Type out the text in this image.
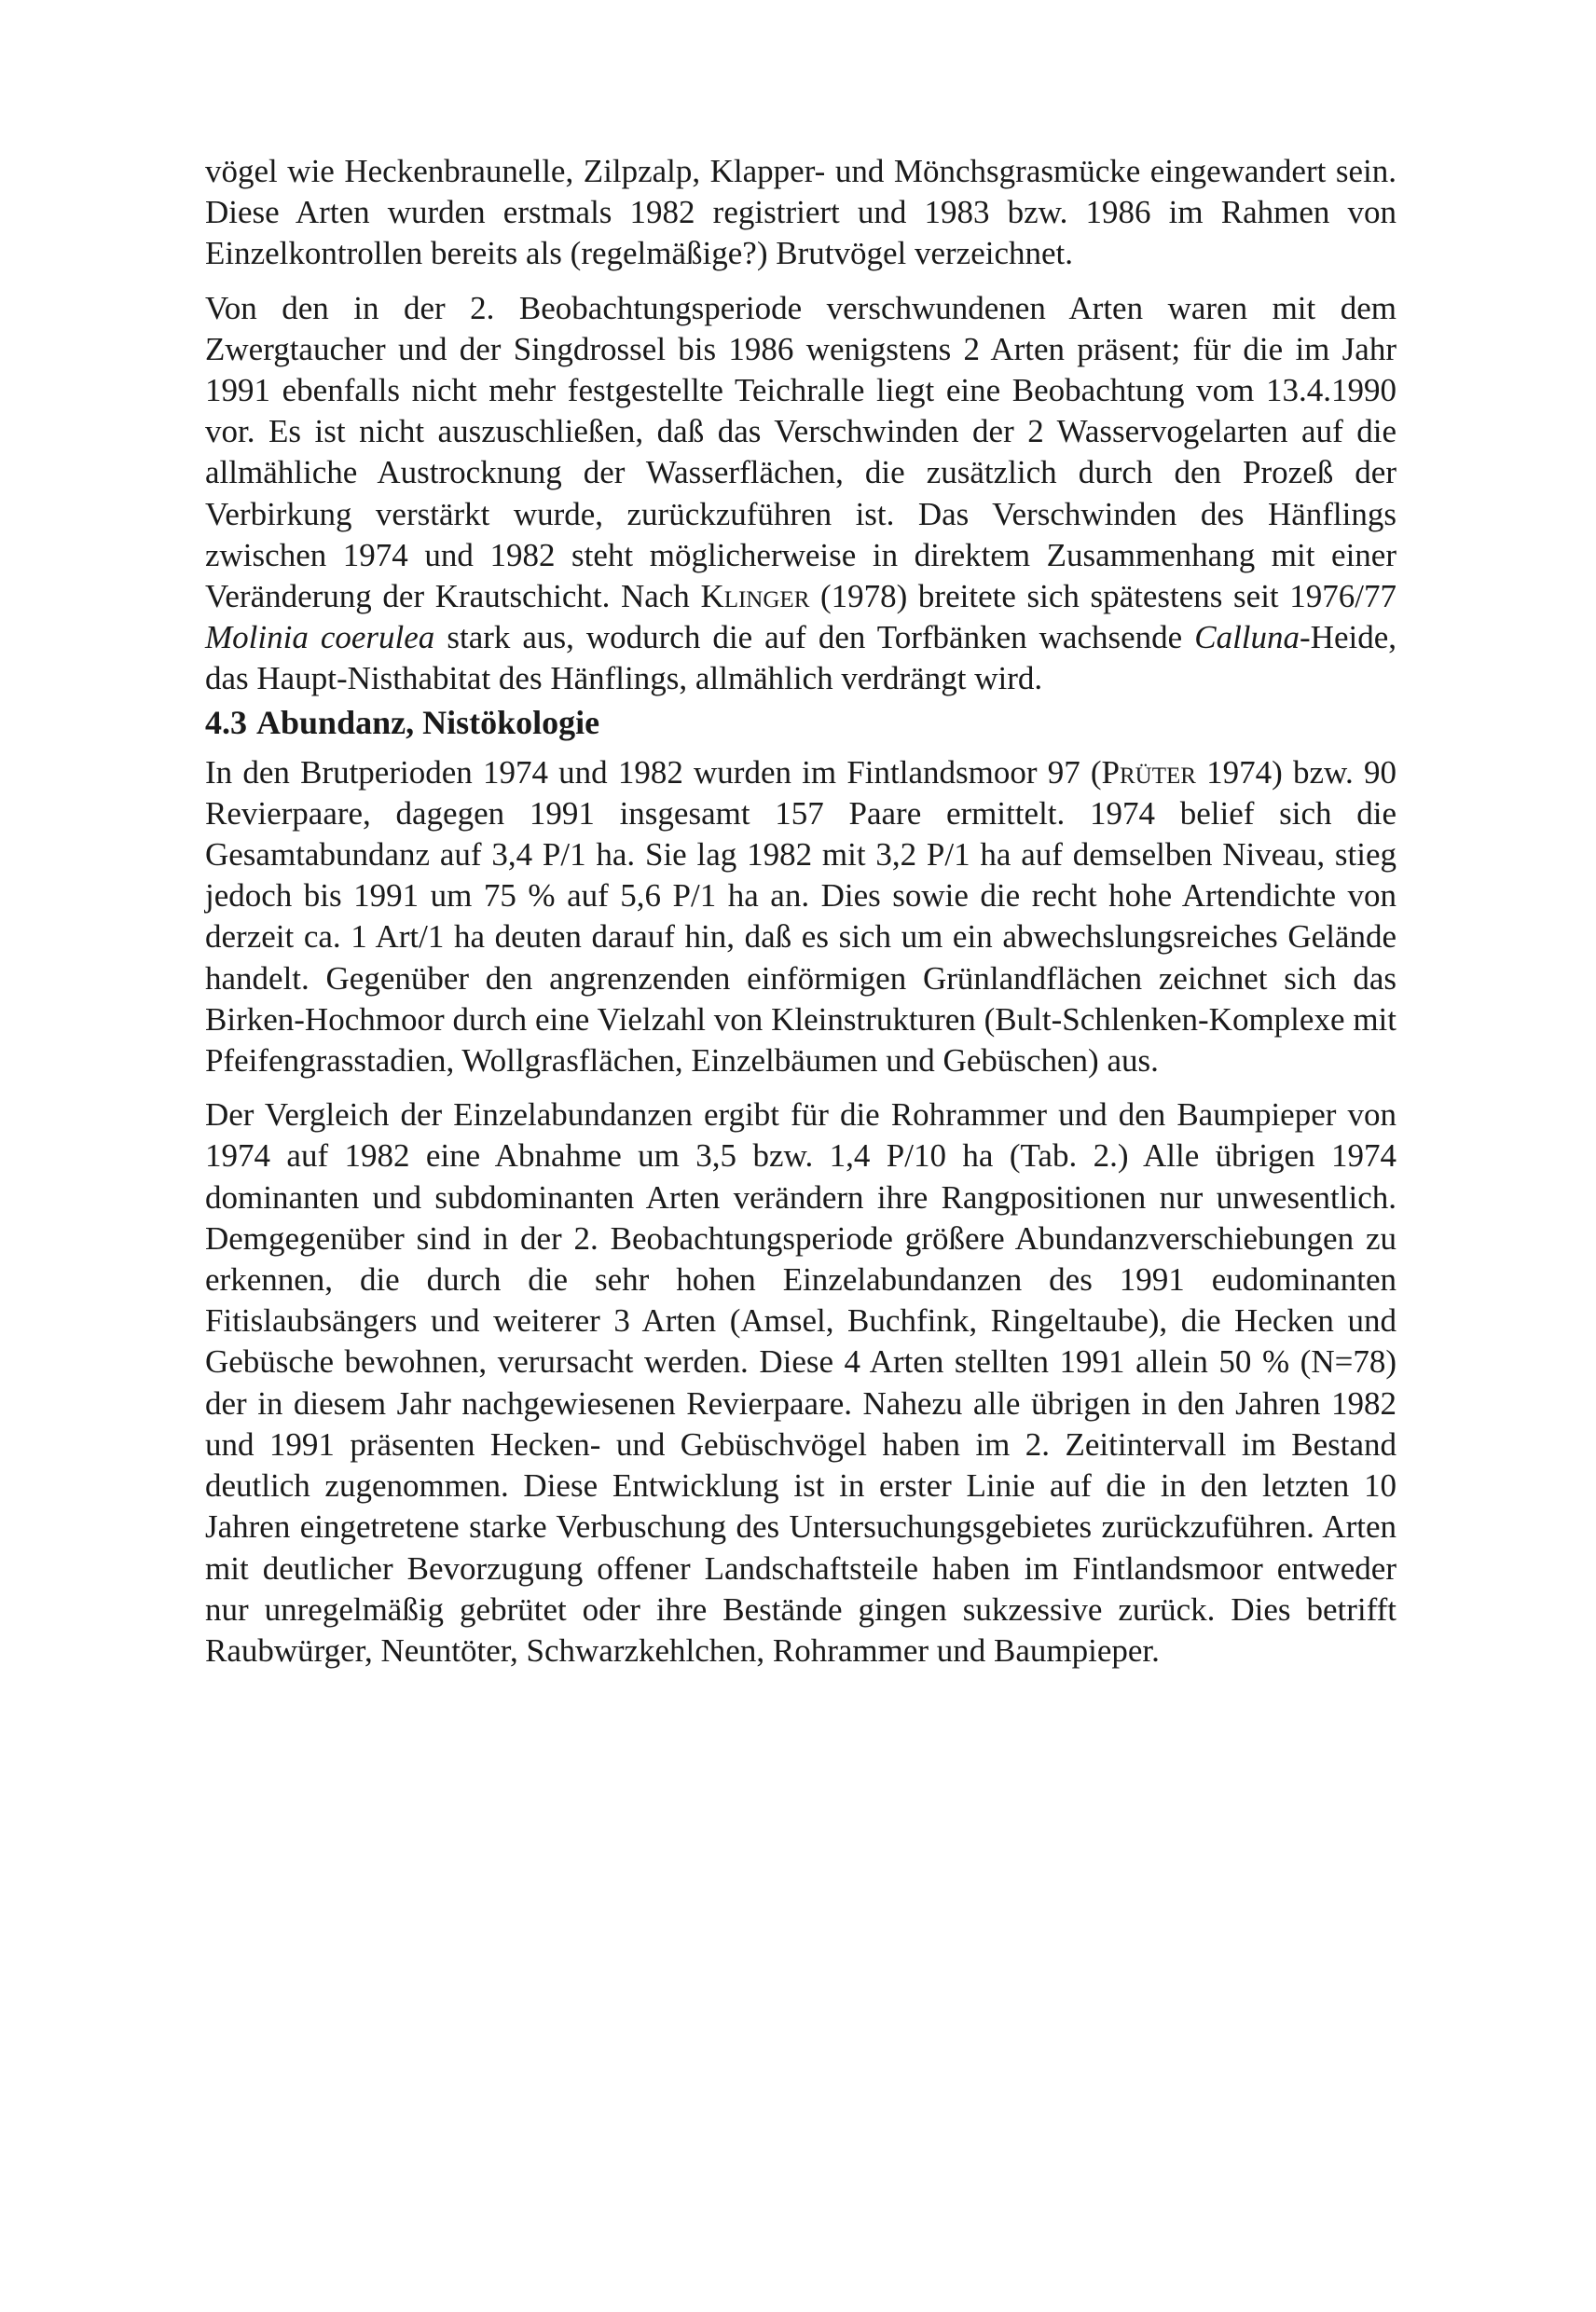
vögel wie Heckenbraunelle, Zilpzalp, Klapper- und Mönchsgrasmücke eingewandert sein. Diese Arten wurden erstmals 1982 registriert und 1983 bzw. 1986 im Rahmen von Einzelkontrollen bereits als (regelmäßige?) Brutvögel verzeichnet.

Von den in der 2. Beobachtungsperiode verschwundenen Arten waren mit dem Zwergtaucher und der Singdrossel bis 1986 wenigstens 2 Arten präsent; für die im Jahr 1991 ebenfalls nicht mehr festgestellte Teichralle liegt eine Beobachtung vom 13.4.1990 vor. Es ist nicht auszuschließen, daß das Verschwinden der 2 Wasservogelarten auf die allmähliche Austrocknung der Wasserflächen, die zusätzlich durch den Prozeß der Verbirkung verstärkt wurde, zurückzuführen ist. Das Verschwinden des Hänflings zwischen 1974 und 1982 steht möglicherweise in direktem Zusammenhang mit einer Veränderung der Krautschicht. Nach Klinger (1978) breitete sich spätestens seit 1976/77 Molinia coerulea stark aus, wodurch die auf den Torfbänken wachsende Calluna-Heide, das Haupt-Nisthabitat des Hänflings, allmählich verdrängt wird.

4.3 Abundanz, Nistökologie

In den Brutperioden 1974 und 1982 wurden im Fintlandsmoor 97 (Prüter 1974) bzw. 90 Revierpaare, dagegen 1991 insgesamt 157 Paare ermittelt. 1974 belief sich die Gesamtabundanz auf 3,4 P/1 ha. Sie lag 1982 mit 3,2 P/1 ha auf demselben Niveau, stieg jedoch bis 1991 um 75 % auf 5,6 P/1 ha an. Dies sowie die recht hohe Artendichte von derzeit ca. 1 Art/1 ha deuten darauf hin, daß es sich um ein abwechslungsreiches Gelände handelt. Gegenüber den angrenzenden einförmigen Grünlandflächen zeichnet sich das Birken-Hochmoor durch eine Vielzahl von Kleinstrukturen (Bult-Schlenken-Komplexe mit Pfeifengrasstadien, Wollgrasflächen, Einzelbäumen und Gebüschen) aus.

Der Vergleich der Einzelabundanzen ergibt für die Rohrammer und den Baumpieper von 1974 auf 1982 eine Abnahme um 3,5 bzw. 1,4 P/10 ha (Tab. 2.) Alle übrigen 1974 dominanten und subdominanten Arten verändern ihre Rangpositionen nur unwesentlich. Demgegenüber sind in der 2. Beobachtungsperiode größere Abundanzverschiebungen zu erkennen, die durch die sehr hohen Einzelabundanzen des 1991 eudominanten Fitislaubsängers und weiterer 3 Arten (Amsel, Buchfink, Ringeltaube), die Hecken und Gebüsche bewohnen, verursacht werden. Diese 4 Arten stellten 1991 allein 50 % (N=78) der in diesem Jahr nachgewiesenen Revierpaare. Nahezu alle übrigen in den Jahren 1982 und 1991 präsenten Hecken- und Gebüschvögel haben im 2. Zeitintervall im Bestand deutlich zugenommen. Diese Entwicklung ist in erster Linie auf die in den letzten 10 Jahren eingetretene starke Verbuschung des Untersuchungsgebietes zurückzuführen. Arten mit deutlicher Bevorzugung offener Landschaftsteile haben im Fintlandsmoor entweder nur unregelmäßig gebrütet oder ihre Bestände gingen sukzessive zurück. Dies betrifft Raubwürger, Neuntöter, Schwarzkehlchen, Rohrammer und Baumpieper.
